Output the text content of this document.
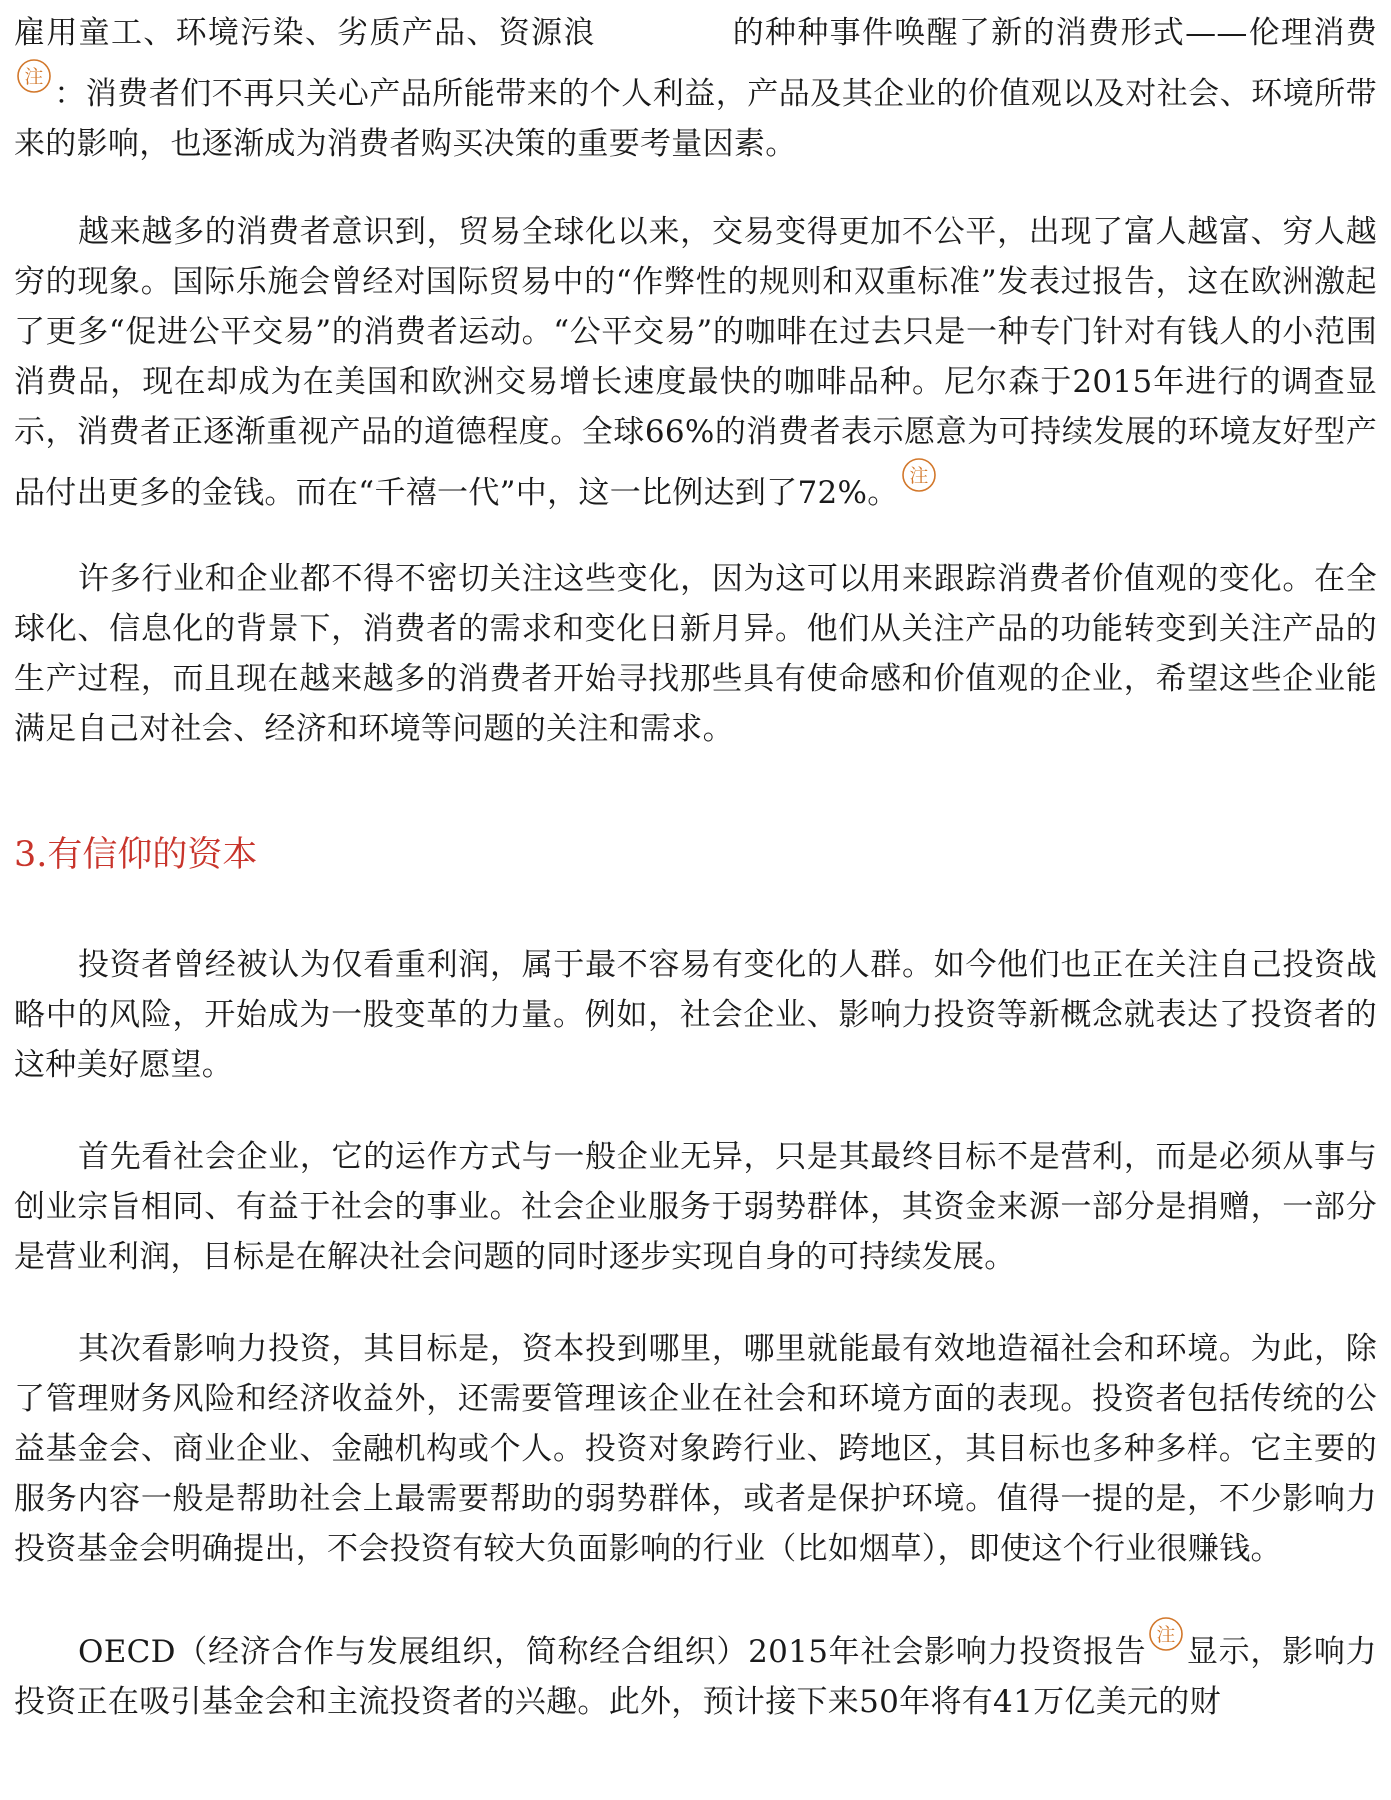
雇用童工、环境污染、劣质产品、资源浪	的种种事件唤醒了新的消费形式——伦理消费
注 ：消费者们不再只关心产品所能带来的个人利益，产品及其企业的价值观以及对社会、环境所带来的影响，也逐渐成为消费者购买决策的重要考量因素。

越来越多的消费者意识到，贸易全球化以来，交易变得更加不公平，出现了富人越富、穷人越穷的现象。国际乐施会曾经对国际贸易中的“作弊性的规则和双重标准”发表过报告，这在欧洲激起了更多“促进公平交易”的消费者运动。“公平交易”的咖啡在过去只是一种专门针对有钱人的小范围消费品，现在却成为在美国和欧洲交易增长速度最快的咖啡品种。尼尔森于2015年进行的调查显示，消费者正逐渐重视产品的道德程度。全球66%的消费者表示愿意为可持续发展的环境友好型产品付出更多的金钱。而在“千禧一代”中，这一比例达到了72%。 注

许多行业和企业都不得不密切关注这些变化，因为这可以用来跟踪消费者价值观的变化。在全球化、信息化的背景下，消费者的需求和变化日新月异。他们从关注产品的功能转变到关注产品的生产过程，而且现在越来越多的消费者开始寻找那些具有使命感和价值观的企业，希望这些企业能满足自己对社会、经济和环境等问题的关注和需求。

3.有信仰的资本

投资者曾经被认为仅看重利润，属于最不容易有变化的人群。如今他们也正在关注自己投资战略中的风险，开始成为一股变革的力量。例如，社会企业、影响力投资等新概念就表达了投资者的这种美好愿望。

首先看社会企业，它的运作方式与一般企业无异，只是其最终目标不是营利，而是必须从事与创业宗旨相同、有益于社会的事业。社会企业服务于弱势群体，其资金来源一部分是捐赠，一部分是营业利润，目标是在解决社会问题的同时逐步实现自身的可持续发展。

其次看影响力投资，其目标是，资本投到哪里，哪里就能最有效地造福社会和环境。为此，除了管理财务风险和经济收益外，还需要管理该企业在社会和环境方面的表现。投资者包括传统的公益基金会、商业企业、金融机构或个人。投资对象跨行业、跨地区，其目标也多种多样。它主要的服务内容一般是帮助社会上最需要帮助的弱势群体，或者是保护环境。值得一提的是，不少影响力投资基金会明确提出，不会投资有较大负面影响的行业（比如烟草），即使这个行业很赚钱。

OECD（经济合作与发展组织，简称经合组织）2015年社会影响力投资报告 注 显示，影响力投资正在吸引基金会和主流投资者的兴趣。此外，预计接下来50年将有41万亿美元的财
